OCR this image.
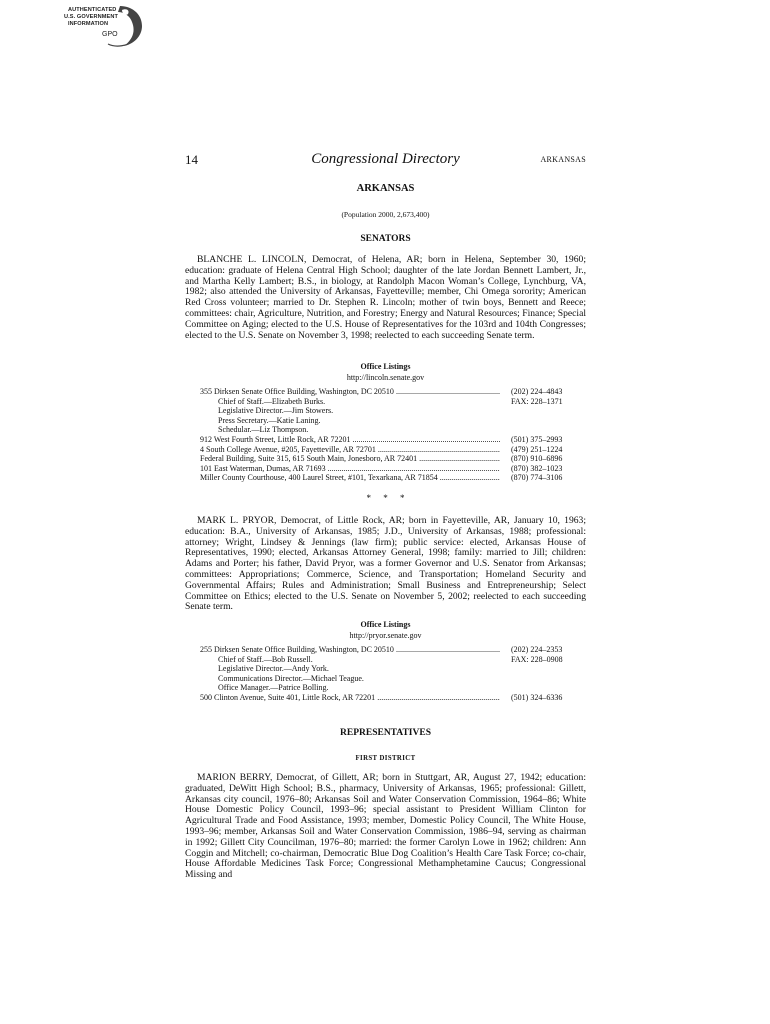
AUTHENTICATED
U.S. GOVERNMENT
INFORMATION
GPO
14	Congressional Directory	ARKANSAS
ARKANSAS
(Population 2000, 2,673,400)
SENATORS

BLANCHE L. LINCOLN, Democrat, of Helena, AR; born in Helena, September 30, 1960; education: graduate of Helena Central High School; daughter of the late Jordan Bennett Lambert, Jr., and Martha Kelly Lambert; B.S., in biology, at Randolph Macon Woman’s College, Lynchburg, VA, 1982; also attended the University of Arkansas, Fayetteville; member, Chi Omega sorority; American Red Cross volunteer; married to Dr. Stephen R. Lincoln; mother of twin boys, Bennett and Reece; committees: chair, Agriculture, Nutrition, and Forestry; Energy and Natural Resources; Finance; Special Committee on Aging; elected to the U.S. House of Representatives for the 103rd and 104th Congresses; elected to the U.S. Senate on November 3, 1998; reelected to each succeeding Senate term.

Office Listings
http://lincoln.senate.gov
355 Dirksen Senate Office Building, Washington, DC 20510 .....	(202) 224–4843
Chief of Staff.—Elizabeth Burks.	FAX: 228–1371
Legislative Director.—Jim Stowers.
Press Secretary.—Katie Laning.
Schedular.—Liz Thompson.
912 West Fourth Street, Little Rock, AR 72201 .....	(501) 375–2993
4 South College Avenue, #205, Fayetteville, AR 72701 .....	(479) 251–1224
Federal Building, Suite 315, 615 South Main, Jonesboro, AR 72401 .....	(870) 910–6896
101 East Waterman, Dumas, AR 71693 .....	(870) 382–1023
Miller County Courthouse, 400 Laurel Street, #101, Texarkana, AR 71854 .....	(870) 774–3106
* * *

MARK L. PRYOR, Democrat, of Little Rock, AR; born in Fayetteville, AR, January 10, 1963; education: B.A., University of Arkansas, 1985; J.D., University of Arkansas, 1988; professional: attorney; Wright, Lindsey & Jennings (law firm); public service: elected, Arkansas House of Representatives, 1990; elected, Arkansas Attorney General, 1998; family: married to Jill; children: Adams and Porter; his father, David Pryor, was a former Governor and U.S. Senator from Arkansas; committees: Appropriations; Commerce, Science, and Transportation; Homeland Security and Governmental Affairs; Rules and Administration; Small Business and Entrepreneurship; Select Committee on Ethics; elected to the U.S. Senate on November 5, 2002; reelected to each succeeding Senate term.

Office Listings
http://pryor.senate.gov
255 Dirksen Senate Office Building, Washington, DC 20510 .....	(202) 224–2353
Chief of Staff.—Bob Russell.	FAX: 228–0908
Legislative Director.—Andy York.
Communications Director.—Michael Teague.
Office Manager.—Patrice Bolling.
500 Clinton Avenue, Suite 401, Little Rock, AR 72201 .....	(501) 324–6336
REPRESENTATIVES
FIRST DISTRICT

MARION BERRY, Democrat, of Gillett, AR; born in Stuttgart, AR, August 27, 1942; education: graduated, DeWitt High School; B.S., pharmacy, University of Arkansas, 1965; professional: Gillett, Arkansas city council, 1976–80; Arkansas Soil and Water Conservation Commission, 1964–86; White House Domestic Policy Council, 1993–96; special assistant to President William Clinton for Agricultural Trade and Food Assistance, 1993; member, Domestic Policy Council, The White House, 1993–96; member, Arkansas Soil and Water Conservation Commission, 1986–94, serving as chairman in 1992; Gillett City Councilman, 1976–80; married: the former Carolyn Lowe in 1962; children: Ann Coggin and Mitchell; co-chairman, Democratic Blue Dog Coalition’s Health Care Task Force; co-chair, House Affordable Medicines Task Force; Congressional Methamphetamine Caucus; Congressional Missing and
